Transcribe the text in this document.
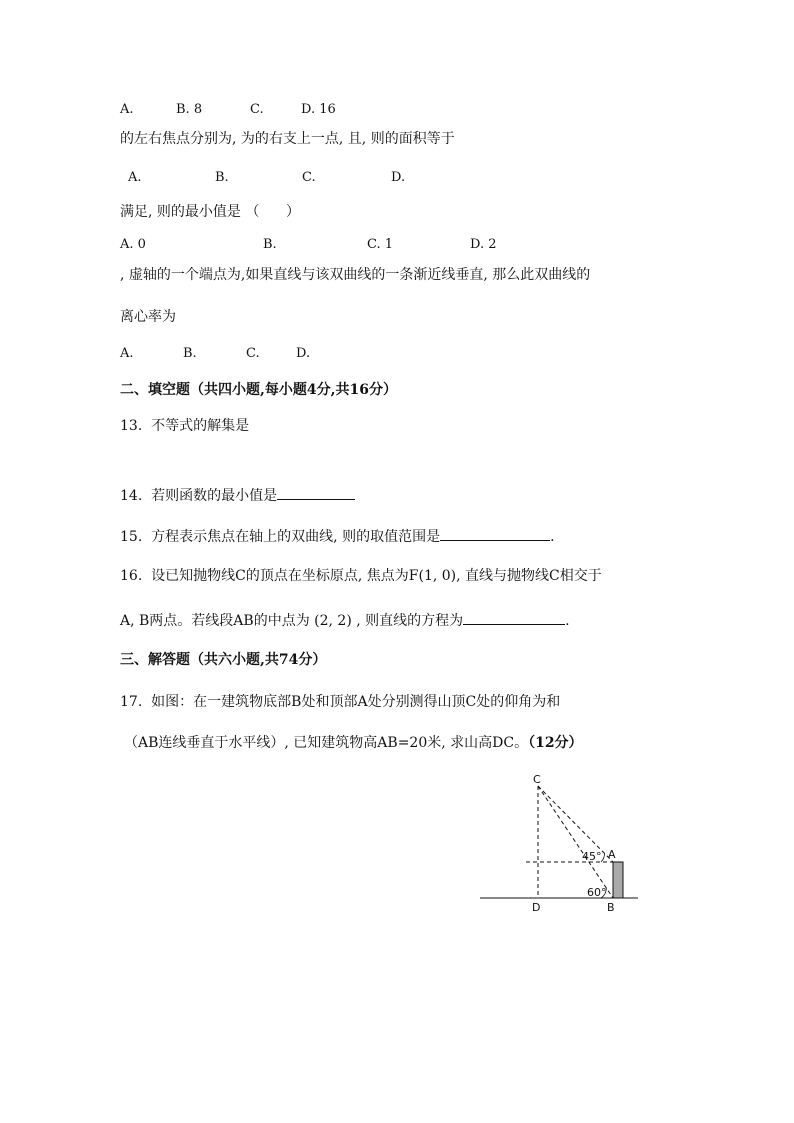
A.	B. 8	C.	D. 16
的左右焦点分别为, 为的右支上一点, 且, 则的面积等于
A.	B.	C.	D.
满足, 则的最小值是 （      ）
A. 0	B.	C. 1	D. 2
, 虚轴的一个端点为,如果直线与该双曲线的一条渐近线垂直, 那么此双曲线的
离心率为
A.	B.	C.	D.
二、填空题（共四小题,每小题4分,共16分）
13.  不等式的解集是
14.  若则函数的最小值是
15.  方程表示焦点在轴上的双曲线, 则的取值范围是	.
16.  设已知抛物线C的顶点在坐标原点, 焦点为F(1, 0), 直线与抛物线C相交于
A, B两点。若线段AB的中点为 (2, 2) , 则直线的方程为	.
三、解答题（共六小题,共74分）
17.  如图：在一建筑物底部B处和顶部A处分别测得山顶C处的仰角为和
（AB连线垂直于水平线）, 已知建筑物高AB=20米, 求山高DC。（12分）
C
A
B
D
45°
60°
